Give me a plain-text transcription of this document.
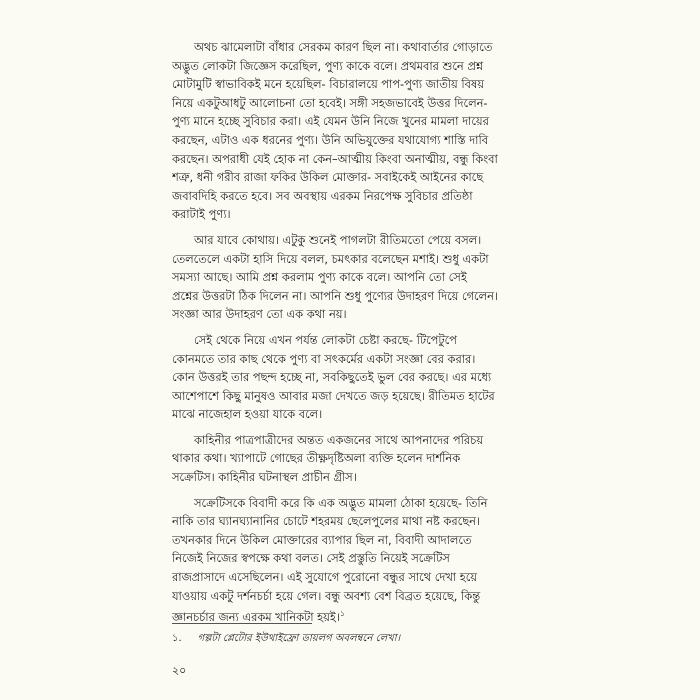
অথচ ঝামেলাটা বাঁধার সেরকম কারণ ছিল না। কথাবার্তার গোড়াতে
অদ্ভুত লোকটা জিজ্ঞেস করেছিল, পুণ্য কাকে বলে। প্রথমবার শুনে প্রশ্ন
মোটামুটি স্বাভাবিকই মনে হয়েছিল- বিচারালয়ে পাপ-পুণ্য জাতীয় বিষয়
নিয়ে একটুআধটু আলোচনা তো হবেই। সঙ্গী সহজভাবেই উত্তর দিলেন-
পুণ্য মানে হচ্ছে সুবিচার করা। এই যেমন উনি নিজে খুনের মামলা দায়ের
করছেন, এটাও এক ধরনের পুণ্য। উনি অভিযুক্তের যথাযোগ্য শাস্তি দাবি
করছেন। অপরাধী যেই হোক না কেন–আত্মীয় কিংবা অনাত্মীয়, বন্ধু কিংবা
শত্রু, ধনী গরীব রাজা ফকির উকিল মোক্তার- সবাইকেই আইনের কাছে
জবাবদিহি করতে হবে। সব অবস্থায় এরকম নিরপেক্ষ সুবিচার প্রতিষ্ঠা
করাটাই পুণ্য।

আর যাবে কোথায়। এটুকু শুনেই পাগলটা রীতিমতো পেয়ে বসল।
তেলতেলে একটা হাসি দিয়ে বলল, চমৎকার বলেছেন মশাই। শুধু একটা
সমস্যা আছে। আমি প্রশ্ন করলাম পুণ্য কাকে বলে। আপনি তো সেই
প্রশ্নের উত্তরটা ঠিক দিলেন না। আপনি শুধু পুণ্যের উদাহরণ দিয়ে গেলেন।
সংজ্ঞা আর উদাহরণ তো এক কথা নয়।

সেই থেকে নিয়ে এখন পর্যন্ত লোকটা চেষ্টা করছে- টিপেটুপে
কোনমতে তার কাছ থেকে পুণ্য বা সৎকর্মের একটা সংজ্ঞা বের করার।
কোন উত্তরই তার পছন্দ হচ্ছে না, সবকিছুতেই ভুল বের করছে। এর মধ্যে
আশেপাশে কিছু মানুষও আবার মজা দেখতে জড় হয়েছে। রীতিমত হাটের
মাঝে নাজেহাল হওয়া যাকে বলে।

কাহিনীর পাত্রপাত্রীদের অন্তত একজনের সাথে আপনাদের পরিচয়
থাকার কথা। খ্যাপাটে গোছের তীক্ষ্ণদৃষ্টিঅলা ব্যক্তি হলেন দার্শনিক
সক্রেটিস। কাহিনীর ঘটনাস্থল প্রাচীন গ্রীস।

সক্রেটিসকে বিবাদী করে কি এক অদ্ভুত মামলা ঠোকা হয়েছে- তিনি
নাকি তার ঘ্যানঘ্যানানির চোটে শহরময় ছেলেপুলের মাথা নষ্ট করছেন।
তখনকার দিনে উকিল মোক্তারের ব্যাপার ছিল না, বিবাদী আদালতে
নিজেই নিজের স্বপক্ষে কথা বলত। সেই প্রস্তুতি নিয়েই সক্রেটিস
রাজপ্রাসাদে এসেছিলেন। এই সুযোগে পুরোনো বন্ধুর সাথে দেখা হয়ে
যাওয়ায় একটু দর্শনচর্চা হয়ে গেল। বন্ধু অবশ্য বেশ বিব্রত হয়েছে, কিন্তু
জ্ঞানচর্চার জন্য এরকম খানিকটা হয়ই।$^১$

১. গল্পটা প্লেটোর ইউথাইফ্রো ডায়লগ অবলম্বনে লেখা।
২০
